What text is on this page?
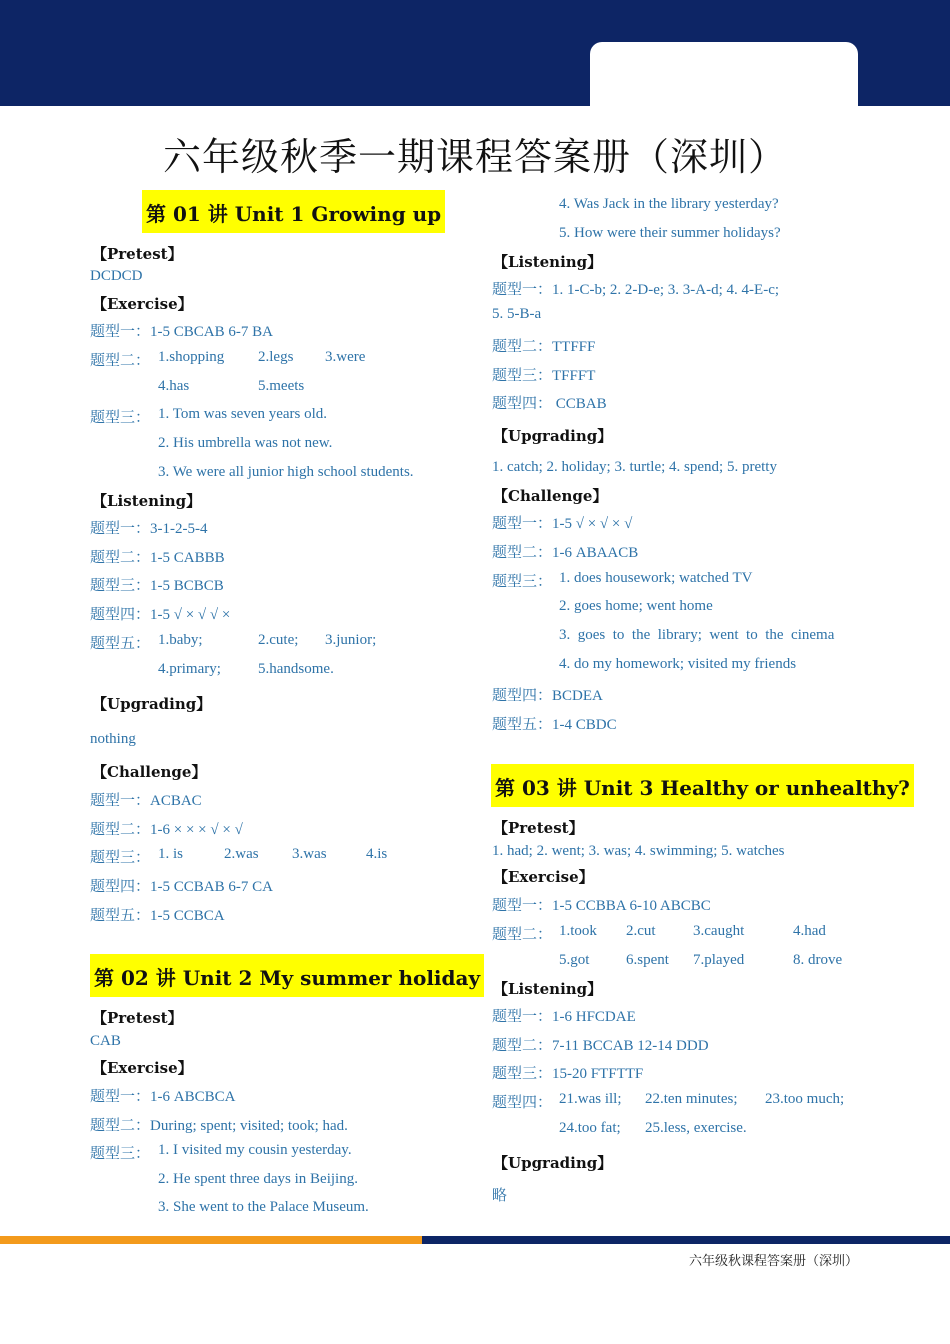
六年级秋季一期课程答案册（深圳）
第 01 讲 Unit 1 Growing up
【Pretest】
DCDCD
【Exercise】
题型一：1-5 CBCAB 6-7 BA
题型二： 1.shopping 2.legs 3.were
4.has	5.meets
题型三： 1. Tom was seven years old.
2. His umbrella was not new.
3. We were all junior high school students.
【Listening】
题型一：3-1-2-5-4
题型二：1-5 CABBB
题型三：1-5 BCBCB
题型四：1-5 √ × √ √ ×
题型五： 1.baby;	2.cute; 3.junior;
4.primary; 5.handsome.
【Upgrading】
nothing
【Challenge】
题型一：ACBAC
题型二：1-6 × × × √ × √
题型三： 1. is	2.was 3.was	4.is
题型四：1-5 CCBAB 6-7 CA
题型五：1-5 CCBCA
第 02 讲 Unit 2 My summer holiday
【Pretest】
CAB
【Exercise】
题型一：1-6 ABCBCA
题型二：During; spent; visited; took; had.
题型三： 1. I visited my cousin yesterday.
2. He spent three days in Beijing.
3. She went to the Palace Museum.
4. Was Jack in the library yesterday?
5. How were their summer holidays?
【Listening】
题型一：1. 1-C-b; 2. 2-D-e; 3. 3-A-d; 4. 4-E-c;
5. 5-B-a
题型二：TTFFF
题型三：TFFFT
题型四： CCBAB
【Upgrading】
1. catch; 2. holiday; 3. turtle; 4. spend; 5. pretty
【Challenge】
题型一：1-5 √ × √ × √
题型二：1-6 ABAACB
题型三： 1. does housework; watched TV
2. goes home; went home
3.  goes  to  the  library;  went  to  the  cinema
4. do my homework; visited my friends
题型四：BCDEA
题型五：1-4 CBDC
第 03 讲 Unit 3 Healthy or unhealthy?
【Pretest】
1. had; 2. went; 3. was; 4. swimming; 5. watches
【Exercise】
题型一：1-5 CCBBA 6-10 ABCBC
题型二： 1.took 2.cut 3.caught	4.had
5.got 6.spent 7.played	8. drove
【Listening】
题型一：1-6 HFCDAE
题型二：7-11 BCCAB 12-14 DDD
题型三：15-20 FTFTTF
题型四： 21.was ill; 22.ten minutes; 23.too much;
24.too fat; 25.less, exercise.
【Upgrading】
略
六年级秋课程答案册（深圳）
